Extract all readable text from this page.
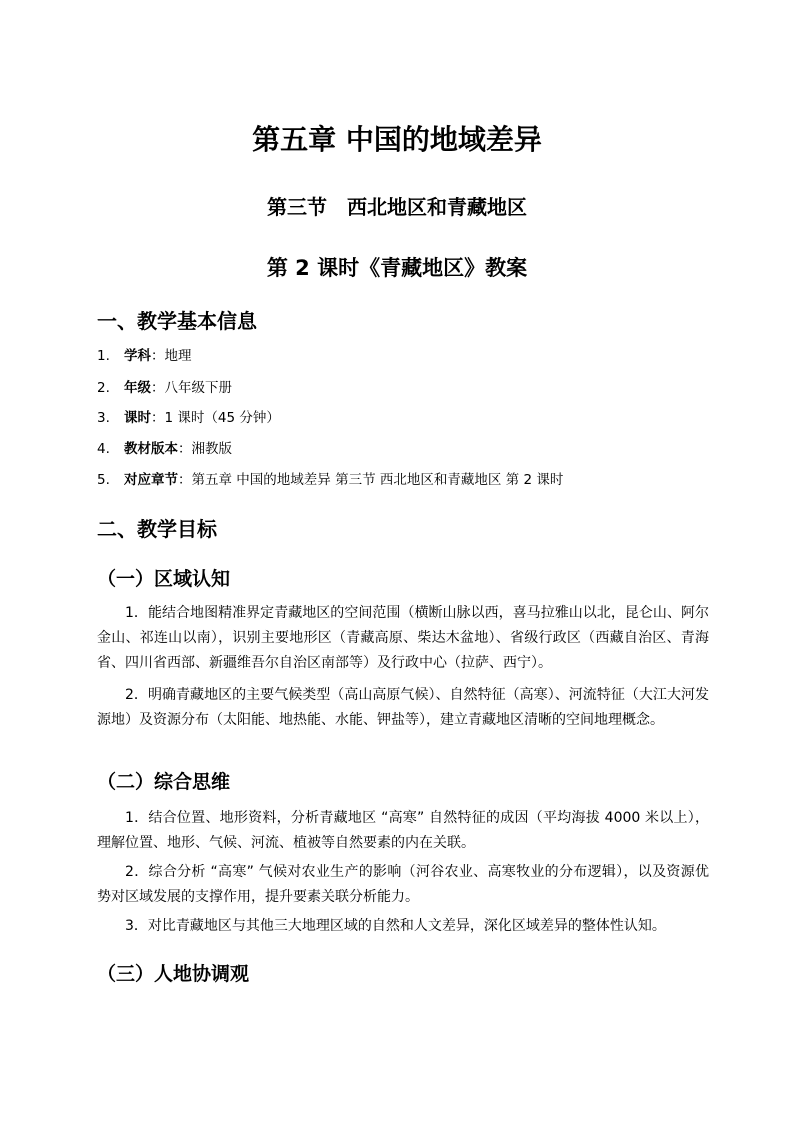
第五章 中国的地域差异
第三节 西北地区和青藏地区
第 2 课时《青藏地区》教案
一、教学基本信息
1. 学科：地理
2. 年级：八年级下册
3. 课时：1 课时（45 分钟）
4. 教材版本：湘教版
5. 对应章节：第五章 中国的地域差异 第三节 西北地区和青藏地区 第 2 课时
二、教学目标
（一）区域认知
1．能结合地图精准界定青藏地区的空间范围（横断山脉以西，喜马拉雅山以北，昆仑山、阿尔金山、祁连山以南），识别主要地形区（青藏高原、柴达木盆地）、省级行政区（西藏自治区、青海省、四川省西部、新疆维吾尔自治区南部等）及行政中心（拉萨、西宁）。
2．明确青藏地区的主要气候类型（高山高原气候）、自然特征（高寒）、河流特征（大江大河发源地）及资源分布（太阳能、地热能、水能、钾盐等），建立青藏地区清晰的空间地理概念。
（二）综合思维
1．结合位置、地形资料，分析青藏地区 “高寒” 自然特征的成因（平均海拔 4000 米以上），理解位置、地形、气候、河流、植被等自然要素的内在关联。
2．综合分析 “高寒” 气候对农业生产的影响（河谷农业、高寒牧业的分布逻辑），以及资源优势对区域发展的支撑作用，提升要素关联分析能力。
3．对比青藏地区与其他三大地理区域的自然和人文差异，深化区域差异的整体性认知。
（三）人地协调观
